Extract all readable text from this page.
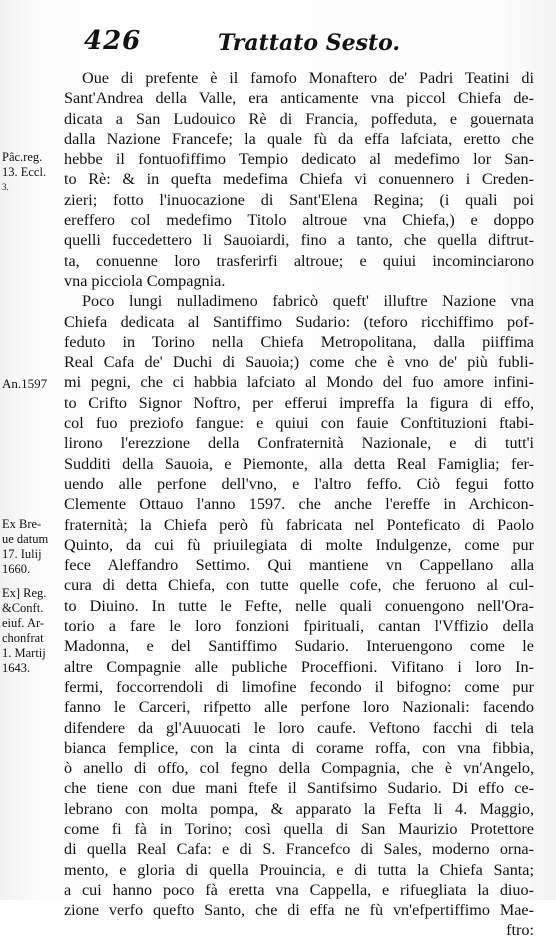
426	Trattato Sesto.
Pâc.reg.
13. Eccl.
3.
An.1597
Ex Bre-
ue datum
17. Iulij
1660.
Ex] Reg.
&Conft.
eiuf. Ar-
chonfrat
1. Martij
1643.
Oue di prefente è il famofo Monaftero de' Padri Teatini di
Sant'Andrea della Valle, era anticamente vna piccol Chiefa de-
dicata a San Ludouico Rè di Francia, poffeduta, e gouernata
dalla Nazione Francefe; la quale fù da effa lafciata, eretto che
hebbe il fontuofiffimo Tempio dedicato al medefimo lor San-
to Rè: & in quefta medefima Chiefa vi conuennero i Creden-
zieri; fotto l'inuocazione di Sant'Elena Regina; (i quali poi
ereffero col medefimo Titolo altroue vna Chiefa,) e doppo
quelli fuccedettero li Sauoiardi, fino a tanto, che quella diftrut-
ta, conuenne loro trasferirfi altroue; e quiui incominciarono
vna picciola Compagnia.
Poco lungi nulladimeno fabricò queft' illuftre Nazione vna
Chiefa dedicata al Santiffimo Sudario: (teforo ricchiffimo pof-
feduto in Torino nella Chiefa Metropolitana, dalla piiffima
Real Cafa de' Duchi di Sauoia;) come che è vno de' più fubli-
mi pegni, che ci habbia lafciato al Mondo del fuo amore infini-
to Crifto Signor Noftro, per efferui impreffa la figura di effo,
col fuo preziofo fangue: e quiui con fauie Conftituzioni ftabi-
lirono l'erezzione della Confraternità Nazionale, e di tutt'i
Sudditi della Sauoia, e Piemonte, alla detta Real Famiglia; fer-
uendo alle perfone dell'vno, e l'altro feffo. Ciò fegui fotto
Clemente Ottauo l'anno 1597. che anche l'ereffe in Archicon-
fraternità; la Chiefa però fù fabricata nel Ponteficato di Paolo
Quinto, da cui fù priuilegiata di molte Indulgenze, come pur
fece Aleffandro Settimo. Qui mantiene vn Cappellano alla
cura di detta Chiefa, con tutte quelle cofe, che feruono al cul-
to Diuino. In tutte le Fefte, nelle quali conuengono nell'Ora-
torio a fare le loro fonzioni fpirituali, cantan l'Vffizio della
Madonna, e del Santiffimo Sudario. Interuengono come le
altre Compagnie alle publiche Proceffioni. Vifitano i loro In-
fermi, foccorrendoli di limofine fecondo il bifogno: come pur
fanno le Carceri, rifpetto alle perfone loro Nazionali: facendo
difendere da gl'Auuocati le loro caufe. Veftono facchi di tela
bianca femplice, con la cinta di corame roffa, con vna fibbia,
ò anello di offo, col fegno della Compagnia, che è vn'Angelo,
che tiene con due mani ftefe il Santifsimo Sudario. Di effo ce-
lebrano con molta pompa, & apparato la Fefta li 4. Maggio,
come fi fà in Torino; così quella di San Maurizio Protettore
di quella Real Cafa: e di S. Francefco di Sales, moderno orna-
mento, e gloria di quella Prouincia, e di tutta la Chiefa Santa;
a cui hanno poco fà eretta vna Cappella, e rifuegliata la diuo-
zione verfo quefto Santo, che di effa ne fù vn'efpertiffimo Mae-
ftro:
